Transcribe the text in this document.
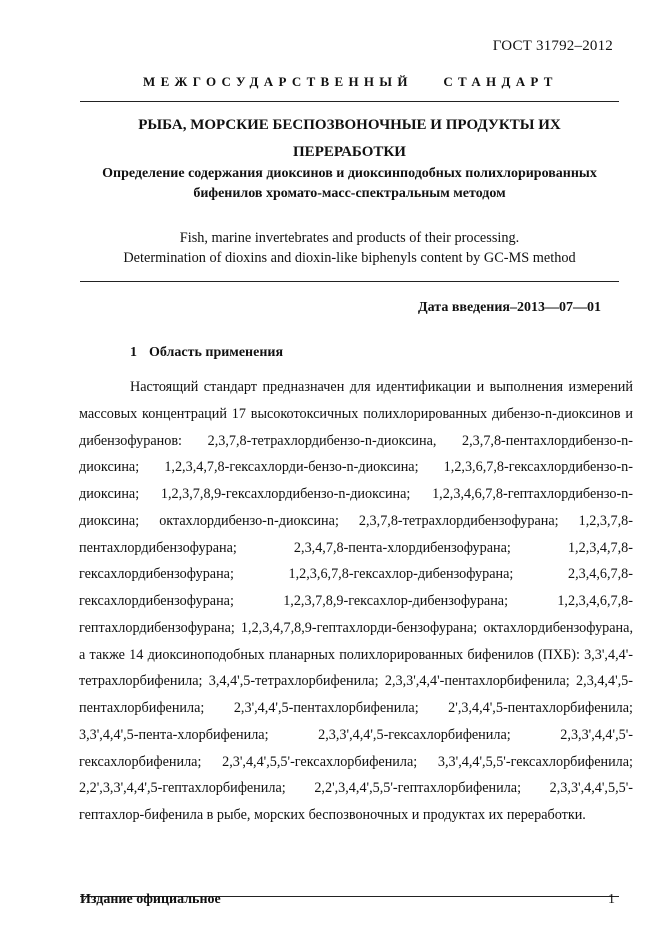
ГОСТ 31792–2012
МЕЖГОСУДАРСТВЕННЫЙ СТАНДАРТ
РЫБА, МОРСКИЕ БЕСПОЗВОНОЧНЫЕ И ПРОДУКТЫ ИХ ПЕРЕРАБОТКИ
Определение содержания диоксинов и диоксинподобных полихлорированных бифенилов хромато-масс-спектральным методом
Fish, marine invertebrates and products of their processing.
Determination of dioxins and dioxin-like biphenyls content by GC-MS method
Дата введения–2013—07—01
1 Область применения
Настоящий стандарт предназначен для идентификации и выполнения измерений массовых концентраций 17 высокотоксичных полихлорированных дибензо-n-диоксинов и дибензофуранов: 2,3,7,8-тетрахлордибензо-n-диоксина, 2,3,7,8-пентахлордибензо-n-диоксина; 1,2,3,4,7,8-гексахлорди-бензо-n-диоксина; 1,2,3,6,7,8-гексахлордибензо-n-диоксина; 1,2,3,7,8,9-гексахлордибензо-n-диоксина; 1,2,3,4,6,7,8-гептахлордибензо-n-диоксина; октахлордибензо-n-диоксина; 2,3,7,8-тетрахлордибензофурана; 1,2,3,7,8-пентахлордибензофурана; 2,3,4,7,8-пента-хлордибензофурана; 1,2,3,4,7,8-гексахлордибензофурана; 1,2,3,6,7,8-гексахлор-дибензофурана; 2,3,4,6,7,8-гексахлордибензофурана; 1,2,3,7,8,9-гексахлор-дибензофурана; 1,2,3,4,6,7,8-гептахлордибензофурана; 1,2,3,4,7,8,9-гептахлорди-бензофурана; октахлордибензофурана, а также 14 диоксиноподобных планарных полихлорированных бифенилов (ПХБ): 3,3',4,4'-тетрахлорбифенила; 3,4,4',5-тетрахлорбифенила; 2,3,3',4,4'-пентахлорбифенила; 2,3,4,4',5-пентахлорбифенила; 2,3',4,4',5-пентахлорбифенила; 2',3,4,4',5-пентахлорбифенила; 3,3',4,4',5-пента-хлорбифенила; 2,3,3',4,4',5-гексахлорбифенила; 2,3,3',4,4',5'-гексахлорбифенила; 2,3',4,4',5,5'-гексахлорбифенила; 3,3',4,4',5,5'-гексахлорбифенила; 2,2',3,3',4,4',5-гептахлорбифенила; 2,2',3,4,4',5,5'-гептахлорбифенила; 2,3,3',4,4',5,5'-гептахлор-бифенила в рыбе, морских беспозвоночных и продуктах их переработки.
Издание официальное	1
